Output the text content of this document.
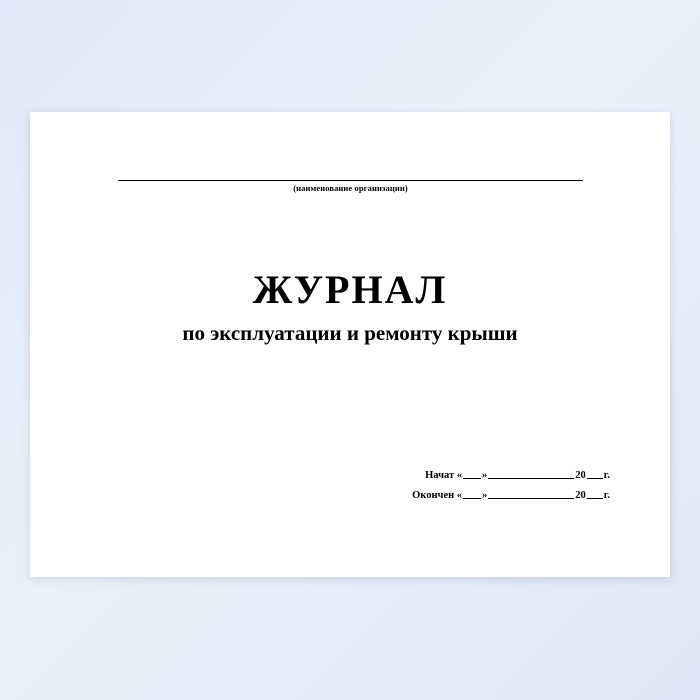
(наименование организации)
ЖУРНАЛ
по эксплуатации и ремонту крыши
Начат « »	20 г.
Окончен « »	20 г.
